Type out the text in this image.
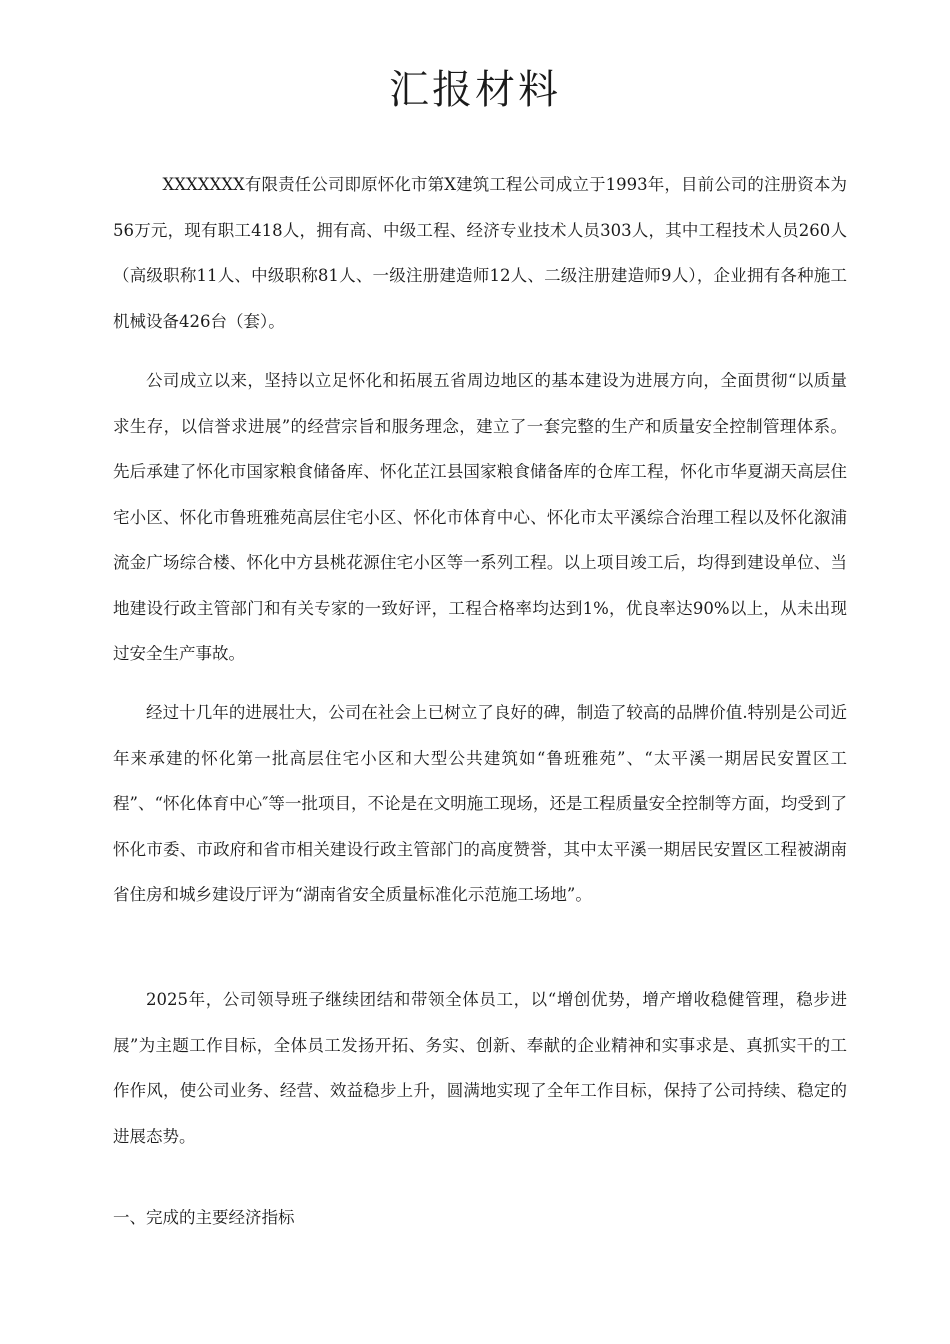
汇报材料

XXXXXXX有限责任公司即原怀化市第X建筑工程公司成立于1993年，目前公司的注册资本为56万元，现有职工418人，拥有高、中级工程、经济专业技术人员303人，其中工程技术人员260人（高级职称11人、中级职称81人、一级注册建造师12人、二级注册建造师9人），企业拥有各种施工机械设备426台（套）。

公司成立以来，坚持以立足怀化和拓展五省周边地区的基本建设为进展方向，全面贯彻“以质量求生存，以信誉求进展”的经营宗旨和服务理念，建立了一套完整的生产和质量安全控制管理体系。先后承建了怀化市国家粮食储备库、怀化芷江县国家粮食储备库的仓库工程，怀化市华夏湖天高层住宅小区、怀化市鲁班雅苑高层住宅小区、怀化市体育中心、怀化市太平溪综合治理工程以及怀化溆浦流金广场综合楼、怀化中方县桃花源住宅小区等一系列工程。以上项目竣工后，均得到建设单位、当地建设行政主管部门和有关专家的一致好评，工程合格率均达到1%，优良率达90%以上，从未出现过安全生产事故。

经过十几年的进展壮大，公司在社会上已树立了良好的碑，制造了较高的品牌价值.特别是公司近年来承建的怀化第一批高层住宅小区和大型公共建筑如“鲁班雅苑”、“太平溪一期居民安置区工程”、“怀化体育中心″等一批项目，不论是在文明施工现场，还是工程质量安全控制等方面，均受到了怀化市委、市政府和省市相关建设行政主管部门的高度赞誉，其中太平溪一期居民安置区工程被湖南省住房和城乡建设厅评为“湖南省安全质量标准化示范施工场地”。

2025年，公司领导班子继续团结和带领全体员工，以“增创优势，增产增收稳健管理，稳步进展”为主题工作目标，全体员工发扬开拓、务实、创新、奉献的企业精神和实事求是、真抓实干的工作作风，使公司业务、经营、效益稳步上升，圆满地实现了全年工作目标，保持了公司持续、稳定的进展态势。

一、完成的主要经济指标
